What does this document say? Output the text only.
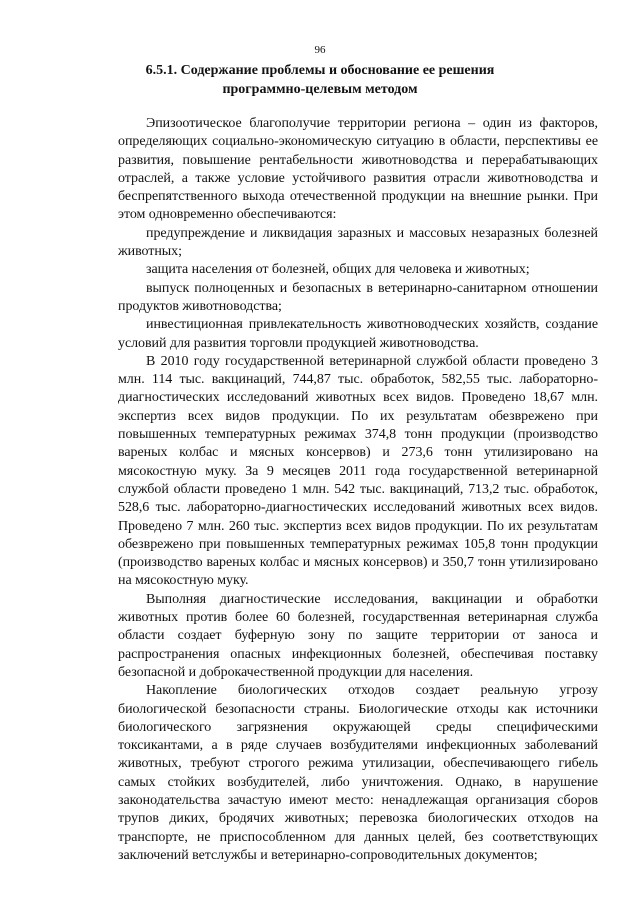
96
6.5.1. Содержание проблемы и обоснование ее решения
программно-целевым методом

Эпизоотическое благополучие территории региона – один из факторов, определяющих социально-экономическую ситуацию в области, перспективы ее развития, повышение рентабельности животноводства и перерабатывающих отраслей, а также условие устойчивого развития отрасли животноводства и беспрепятственного выхода отечественной продукции на внешние рынки. При этом одновременно обеспечиваются:

предупреждение и ликвидация заразных и массовых незаразных болезней животных;

защита населения от болезней, общих для человека и животных;

выпуск полноценных и безопасных в ветеринарно-санитарном отношении продуктов животноводства;

инвестиционная привлекательность животноводческих хозяйств, создание условий для развития торговли продукцией животноводства.

В 2010 году государственной ветеринарной службой области проведено 3 млн. 114 тыс. вакцинаций, 744,87 тыс. обработок, 582,55 тыс. лабораторно-диагностических исследований животных всех видов. Проведено 18,67 млн. экспертиз всех видов продукции. По их результатам обезврежено при повышенных температурных режимах 374,8 тонн продукции (производство вареных колбас и мясных консервов) и 273,6 тонн утилизировано на мясокостную муку. За 9 месяцев 2011 года государственной ветеринарной службой области проведено 1 млн. 542 тыс. вакцинаций, 713,2 тыс. обработок, 528,6 тыс. лабораторно-диагностических исследований животных всех видов. Проведено 7 млн. 260 тыс. экспертиз всех видов продукции. По их результатам обезврежено при повышенных температурных режимах 105,8 тонн продукции (производство вареных колбас и мясных консервов) и 350,7 тонн утилизировано на мясокостную муку.

Выполняя диагностические исследования, вакцинации и обработки животных против более 60 болезней, государственная ветеринарная служба области создает буферную зону по защите территории от заноса и распространения опасных инфекционных болезней, обеспечивая поставку безопасной и доброкачественной продукции для населения.

Накопление биологических отходов создает реальную угрозу биологической безопасности страны. Биологические отходы как источники биологического загрязнения окружающей среды специфическими токсикантами, а в ряде случаев возбудителями инфекционных заболеваний животных, требуют строгого режима утилизации, обеспечивающего гибель самых стойких возбудителей, либо уничтожения. Однако, в нарушение законодательства зачастую имеют место: ненадлежащая организация сборов трупов диких, бродячих животных; перевозка биологических отходов на транспорте, не приспособленном для данных целей, без соответствующих заключений ветслужбы и ветеринарно-сопроводительных документов;
